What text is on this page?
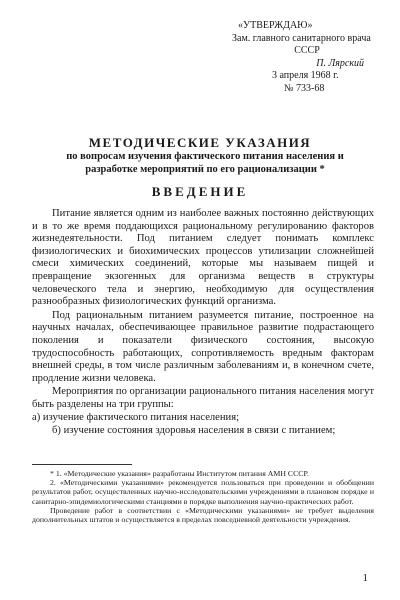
«УТВЕРЖДАЮ»
Зам. главного санитарного врача
СССР
П. Лярский
3 апреля 1968 г.
№ 733-68
МЕТОДИЧЕСКИЕ УКАЗАНИЯ
по вопросам изучения фактического питания населения и разработке мероприятий по его рационализации *
ВВЕДЕНИЕ

Питание является одним из наиболее важных постоянно действующих и в то же время поддающихся рациональному регулированию факторов жизнедеятельности. Под питанием следует понимать комплекс физиологических и биохимических процессов утилизации сложнейшей смеси химических соединений, которые мы называем пищей и превращение экзогенных для организма веществ в структуры человеческого тела и энергию, необходимую для осуществления разнообразных физиологических функций организма.

Под рациональным питанием разумеется питание, построенное на научных началах, обеспечивающее правильное развитие подрастающего поколения и показатели физического состояния, высокую трудоспособность работающих, сопротивляемость вредным факторам внешней среды, в том числе различным заболеваниям и, в конечном счете, продление жизни человека.

Мероприятия по организации рационального питания населения могут быть разделены на три группы:

а) изучение фактического питания населения;

б) изучение состояния здоровья населения в связи с питанием;

* 1. «Методические указания» разработаны Институтом питания АМН СССР.

2. «Методическими указаниями» рекомендуется пользоваться при проведении и обобщении результатов работ, осуществленных научно-исследовательскими учреждениями в плановом порядке и санитарно-эпидемиологическими станциями в порядке выполнения научно-практических работ.

Проведение работ в соответствии с «Методическими указаниями» не требует выделения дополнительных штатов и осуществляется в пределах повседневной деятельности учреждения.

1
